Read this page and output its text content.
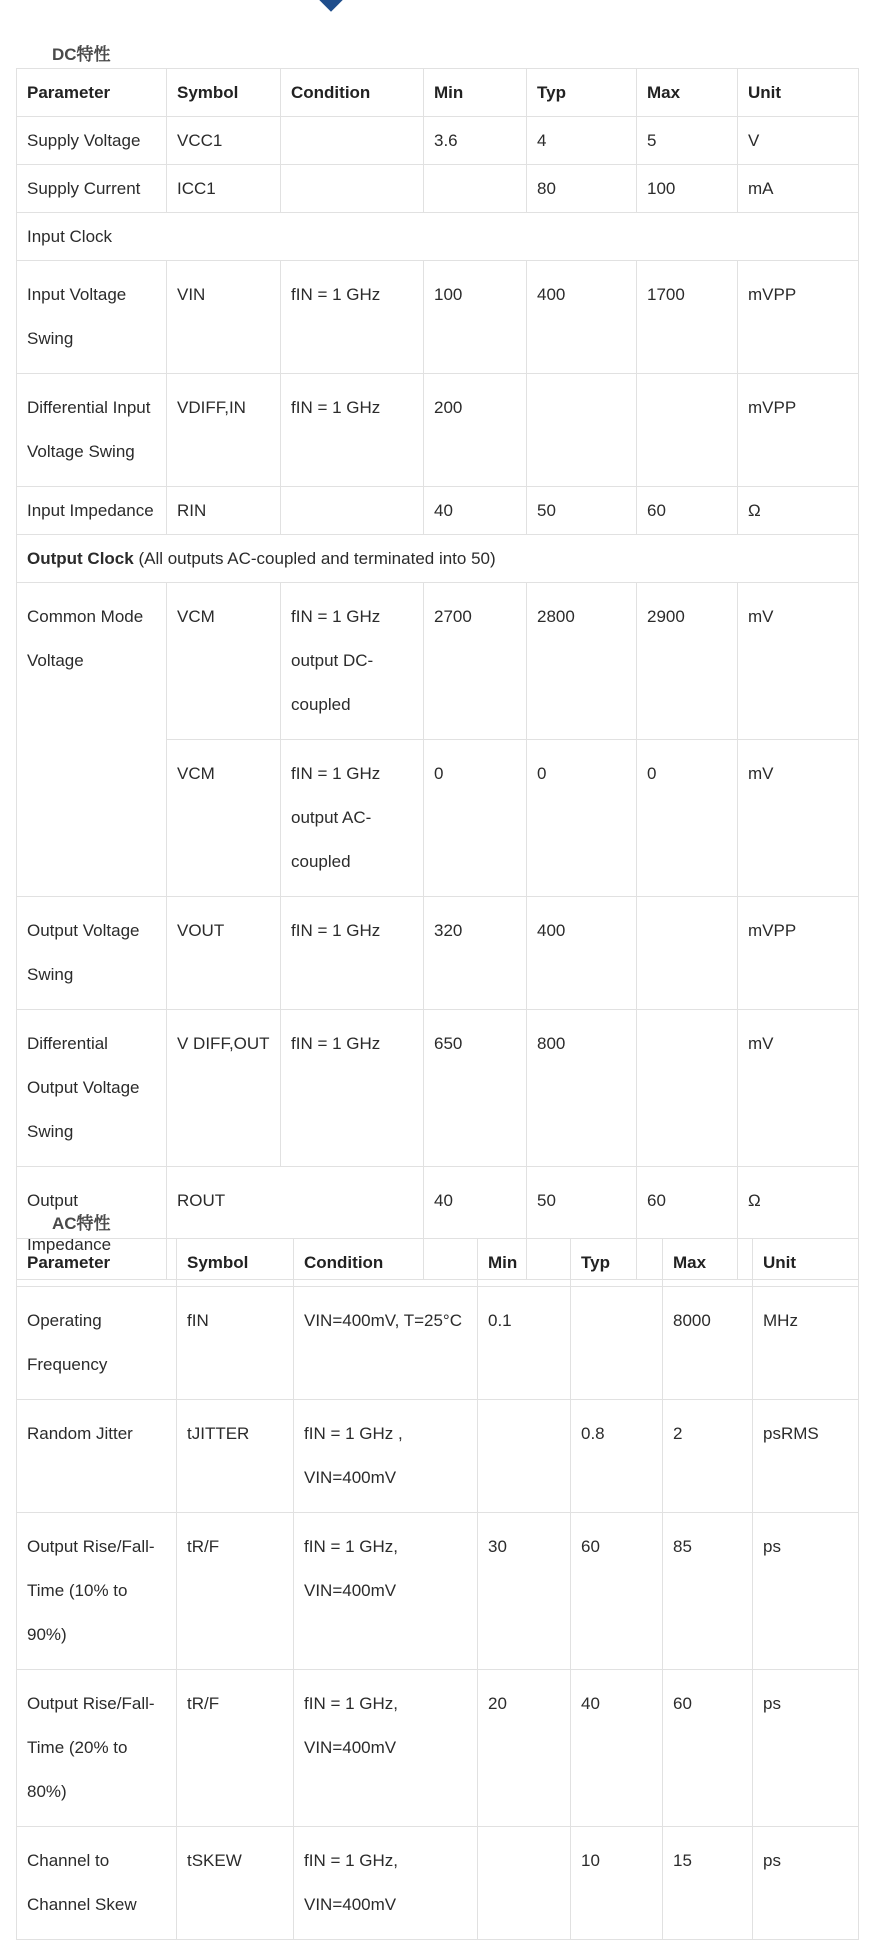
DC特性
Parameter	Symbol	Condition	Min	Typ	Max	Unit
Supply Voltage	VCC1		3.6	4	5	V
Supply Current	ICC1			80	100	mA
Input Clock						
Input Voltage Swing	VIN	fIN = 1 GHz	100	400	1700	mVPP
Differential Input Voltage Swing	VDIFF,IN	fIN = 1 GHz	200			mVPP
Input Impedance	RIN		40	50	60	Ω
Output Clock (All outputs AC-coupled and terminated into 50)						
Common Mode Voltage	VCM	fIN = 1 GHz output DC-coupled	2700	2800	2900	mV
	VCM	fIN = 1 GHz output AC-coupled	0	0	0	mV
Output Voltage Swing	VOUT	fIN = 1 GHz	320	400		mVPP
Differential Output Voltage Swing	V DIFF,OUT	fIN = 1 GHz	650	800		mV
Output Impedance	ROUT		40	50	60	Ω
AC特性
Parameter	Symbol	Condition	Min	Typ	Max	Unit
Operating Frequency	fIN	VIN=400mV, T=25°C	0.1		8000	MHz
Random Jitter	tJITTER	fIN = 1 GHz , VIN=400mV		0.8	2	psRMS
Output Rise/Fall-Time (10% to 90%)	tR/F	fIN = 1 GHz, VIN=400mV	30	60	85	ps
Output Rise/Fall-Time (20% to 80%)	tR/F	fIN = 1 GHz, VIN=400mV	20	40	60	ps
Channel to Channel Skew	tSKEW	fIN = 1 GHz, VIN=400mV		10	15	ps
